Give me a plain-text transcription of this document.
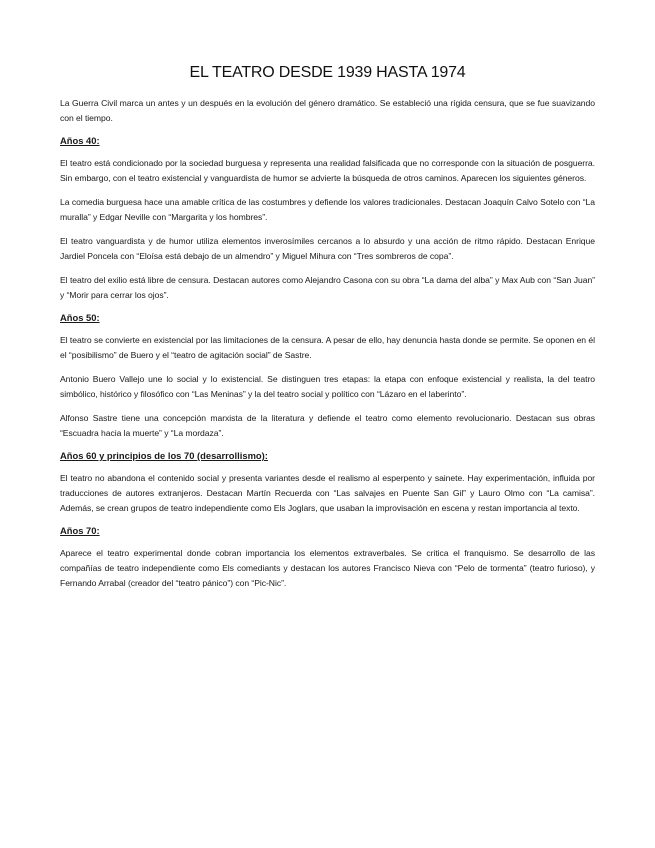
EL TEATRO DESDE 1939 HASTA 1974

La Guerra Civil marca un antes y un después en la evolución del género dramático. Se estableció una rígida censura, que se fue suavizando con el tiempo.

Años 40:

El teatro está condicionado por la sociedad burguesa y representa una realidad falsificada que no corresponde con la situación de posguerra. Sin embargo, con el teatro existencial y vanguardista de humor se advierte la búsqueda de otros caminos. Aparecen los siguientes géneros.

La comedia burguesa hace una amable crítica de las costumbres y defiende los valores tradicionales. Destacan Joaquín Calvo Sotelo con “La muralla” y Edgar Neville con “Margarita y los hombres”.

El teatro vanguardista y de humor utiliza elementos inverosímiles cercanos a lo absurdo y una acción de ritmo rápido. Destacan Enrique Jardiel Poncela con “Eloísa está debajo de un almendro” y Miguel Mihura con “Tres sombreros de copa”.

El teatro del exilio está libre de censura. Destacan autores como Alejandro Casona con su obra “La dama del alba” y Max Aub con “San Juan” y “Morir para cerrar los ojos”.

Años 50:

El teatro se convierte en existencial por las limitaciones de la censura. A pesar de ello, hay denuncia hasta donde se permite. Se oponen en él el “posibilismo” de Buero y el “teatro de agitación social” de Sastre.

Antonio Buero Vallejo une lo social y lo existencial. Se distinguen tres etapas: la etapa con enfoque existencial y realista, la del teatro simbólico, histórico y filosófico con “Las Meninas” y la del teatro social y político con “Lázaro en el laberinto”.

Alfonso Sastre tiene una concepción marxista de la literatura y defiende el teatro como elemento revolucionario. Destacan sus obras “Escuadra hacia la muerte” y “La mordaza”.

Años 60 y principios de los 70 (desarrollismo):

El teatro no abandona el contenido social y presenta variantes desde el realismo al esperpento y sainete. Hay experimentación, influida por traducciones de autores extranjeros. Destacan Martín Recuerda con “Las salvajes en Puente San Gil” y Lauro Olmo con “La camisa”. Además, se crean grupos de teatro independiente como Els Joglars, que usaban la improvisación en escena y restan importancia al texto.

Años 70:

Aparece el teatro experimental donde cobran importancia los elementos extraverbales. Se critica el franquismo. Se desarrollo de las compañías de teatro independiente como Els comediants y destacan los autores Francisco Nieva con “Pelo de tormenta” (teatro furioso), y Fernando Arrabal (creador del “teatro pánico”) con “Pic-Nic”.
